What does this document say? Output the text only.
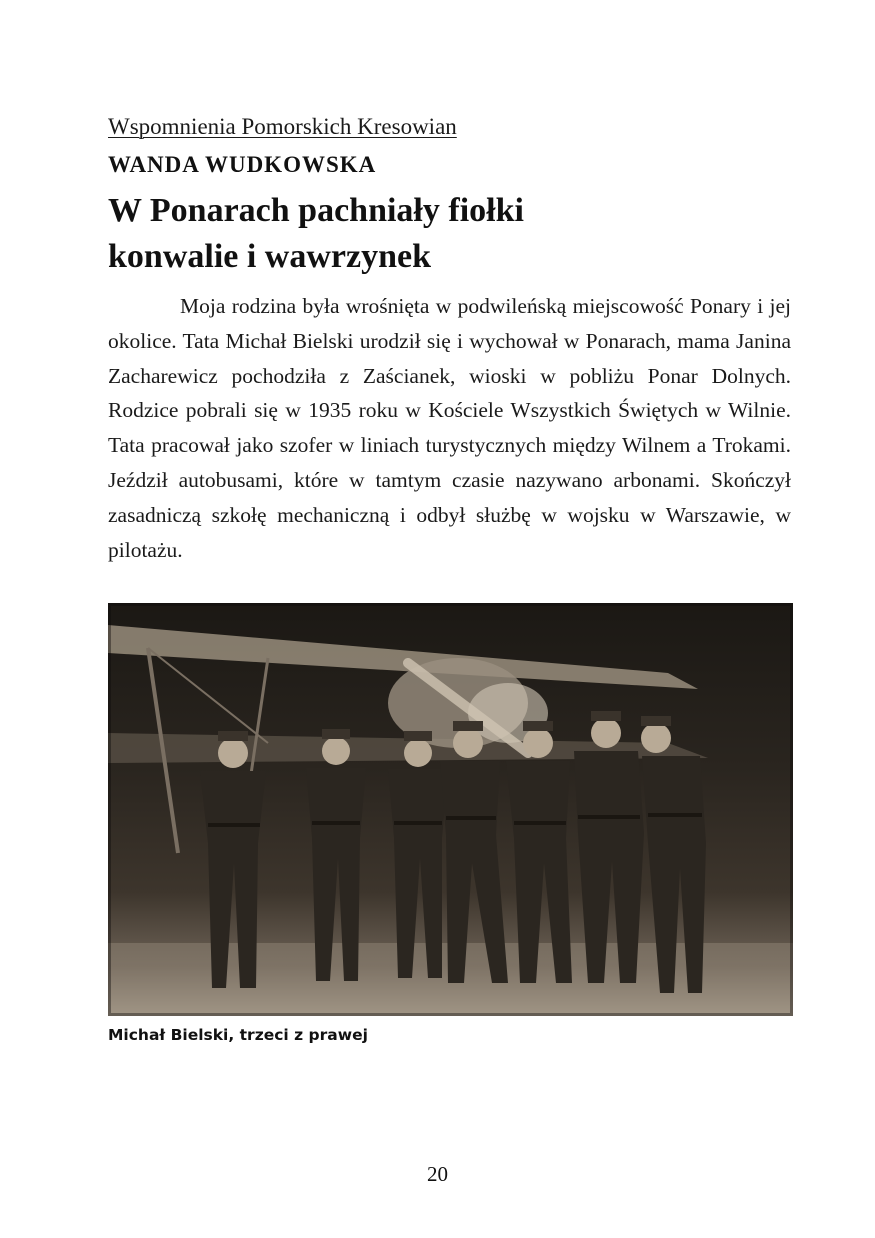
Wspomnienia Pomorskich Kresowian
WANDA WUDKOWSKA
W Ponarach pachniały fiołki
konwalie i wawrzynek

Moja rodzina była wrośnięta w podwileńską miejscowość Ponary i jej okolice. Tata Michał Bielski urodził się i wychował w Ponarach, mama Janina Zacharewicz pochodziła z Zaścianek, wioski w pobliżu Ponar Dolnych. Rodzice pobrali się w 1935 roku w Kościele Wszystkich Świętych w Wilnie. Tata pracował jako szofer w liniach turystycznych między Wilnem a Trokami. Jeździł autobusami, które w tamtym czasie nazywano arbonami. Skończył zasadniczą szkołę mechaniczną i odbył służbę w wojsku w Warszawie, w pilotażu.

Michał Bielski, trzeci z prawej
20
